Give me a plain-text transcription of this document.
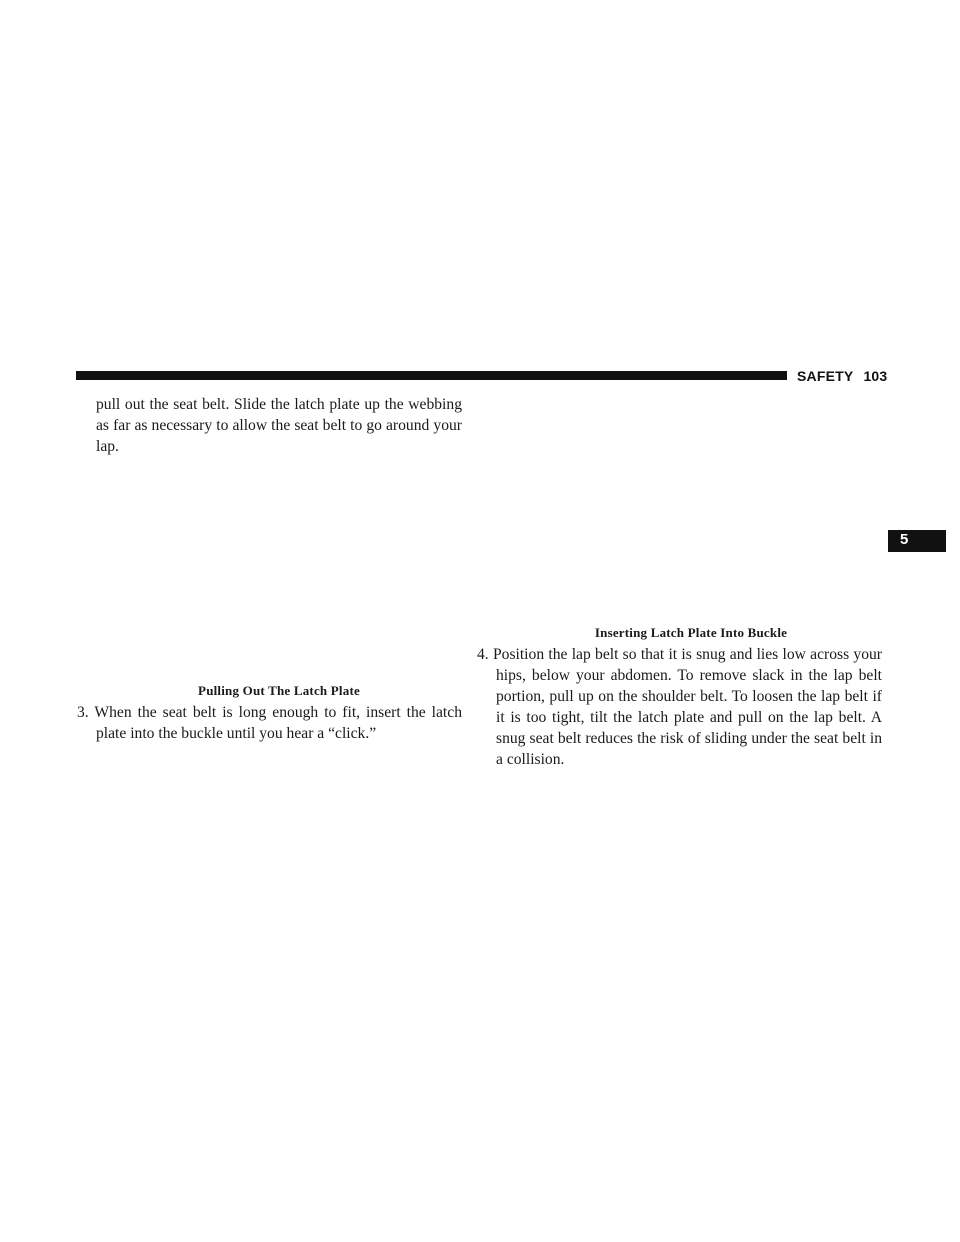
SAFETY 103
5

pull out the seat belt. Slide the latch plate up the webbing as far as necessary to allow the seat belt to go around your lap.

Pulling Out The Latch Plate
3. When the seat belt is long enough to fit, insert the latch plate into the buckle until you hear a “click.”
Inserting Latch Plate Into Buckle
4. Position the lap belt so that it is snug and lies low across your hips, below your abdomen. To remove slack in the lap belt portion, pull up on the shoulder belt. To loosen the lap belt if it is too tight, tilt the latch plate and pull on the lap belt. A snug seat belt reduces the risk of sliding under the seat belt in a collision.
